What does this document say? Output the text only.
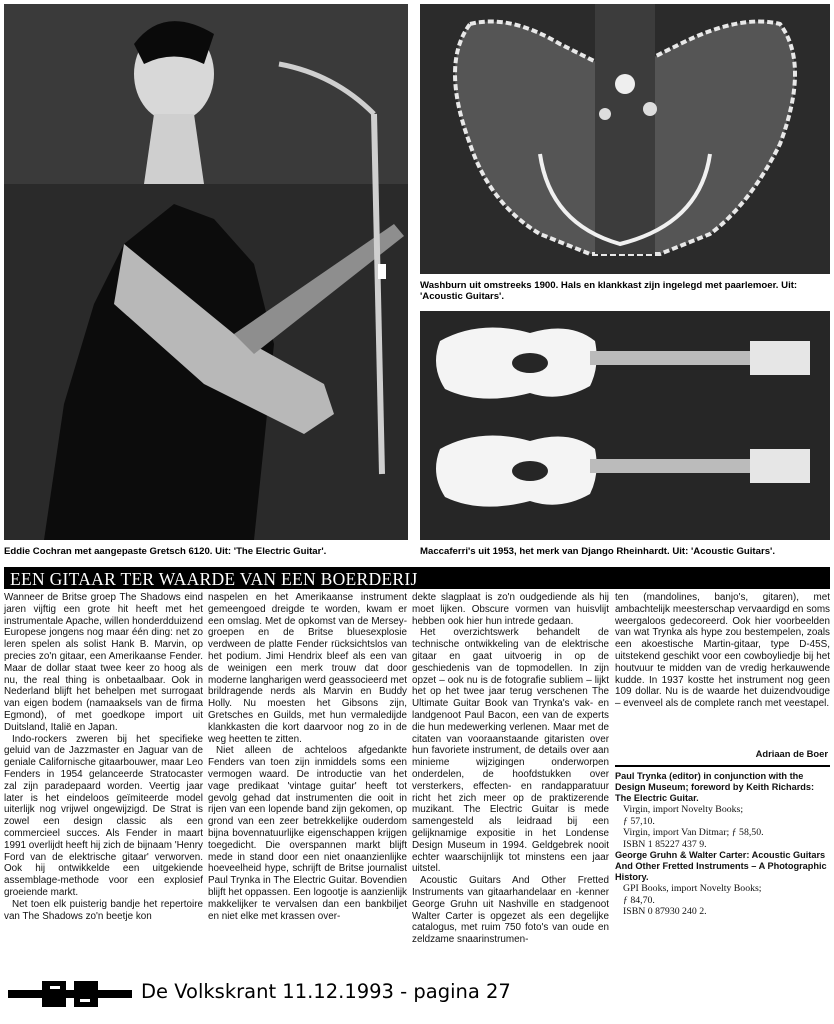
Washburn uit omstreeks 1900. Hals en klankkast zijn ingelegd met paarlemoer. Uit: 'Acoustic Guitars'.
Eddie Cochran met aangepaste Gretsch 6120. Uit: 'The Electric Guitar'.	Maccaferri's uit 1953, het merk van Django Rheinhardt. Uit: 'Acoustic Guitars'.
EEN GITAAR TER WAARDE VAN EEN BOERDERIJ

Wanneer de Britse groep The Shadows eind jaren vijftig een grote hit heeft met het instrumentale Apache, willen honderdduizend Europese jongens nog maar één ding: net zo leren spelen als solist Hank B. Marvin, op precies zo'n gitaar, een Amerikaanse Fender. Maar de dollar staat twee keer zo hoog als nu, the real thing is onbetaalbaar. Ook in Nederland blijft het behelpen met surrogaat van eigen bodem (namaaksels van de firma Egmond), of met goedkope import uit Duitsland, Italië en Japan.

Indo-rockers zweren bij het specifieke geluid van de Jazzmaster en Jaguar van de geniale Californische gitaarbouwer, maar Leo Fenders in 1954 gelanceerde Stratocaster zal zijn paradepaard worden. Veertig jaar later is het eindeloos geïmiteerde model uiterlijk nog vrijwel ongewijzigd. De Strat is zowel een design classic als een commercieel succes. Als Fender in maart 1991 overlijdt heeft hij zich de bijnaam 'Henry Ford van de elektrische gitaar' verworven. Ook hij ontwikkelde een uitgekiende assemblage-methode voor een explosief groeiende markt.

Net toen elk puisterig bandje het repertoire van The Shadows zo'n beetje kon

naspelen en het Amerikaanse instrument gemeengoed dreigde te worden, kwam er een omslag. Met de opkomst van de Mersey-groepen en de Britse bluesexplosie verdween de platte Fender rücksichtslos van het podium. Jimi Hendrix bleef als een van de weinigen een merk trouw dat door moderne langharigen werd geassocieerd met brildragende nerds als Marvin en Buddy Holly. Nu moesten het Gibsons zijn, Gretsches en Guilds, met hun vermaledijde klankkasten die kort daarvoor nog zo in de weg heetten te zitten.

Niet alleen de achteloos afgedankte Fenders van toen zijn inmiddels soms een vermogen waard. De introductie van het vage predikaat 'vintage guitar' heeft tot gevolg gehad dat instrumenten die ooit in rijen van een lopende band zijn gekomen, op grond van een zeer betrekkelijke ouderdom bijna bovennatuurlijke eigenschappen krijgen toegedicht. Die overspannen markt blijft mede in stand door een niet onaanzienlijke hoeveelheid hype, schrijft de Britse journalist Paul Trynka in The Electric Guitar. Bovendien blijft het oppassen. Een logootje is aanzienlijk makkelijker te vervalsen dan een bankbiljet en niet elke met krassen over-

dekte slagplaat is zo'n oudgediende als hij moet lijken. Obscure vormen van huisvlijt hebben ook hier hun intrede gedaan.

Het overzichtswerk behandelt de technische ontwikkeling van de elektrische gitaar en gaat uitvoerig in op de geschiedenis van de topmodellen. In zijn opzet – ook nu is de fotografie subliem – lijkt het op het twee jaar terug verschenen The Ultimate Guitar Book van Trynka's vak- en landgenoot Paul Bacon, een van de experts die hun medewerking verlenen. Maar met de citaten van vooraanstaande gitaristen over hun favoriete instrument, de details over aan minieme wijzigingen onderworpen onderdelen, de hoofdstukken over versterkers, effecten- en randapparatuur richt het zich meer op de praktizerende muzikant. The Electric Guitar is mede samengesteld als leidraad bij een gelijknamige expositie in het Londense Design Museum in 1994. Geldgebrek nooit echter waarschijnlijk tot minstens een jaar uitstel.

Acoustic Guitars And Other Fretted Instruments van gitaarhandelaar en -kenner George Gruhn uit Nashville en stadgenoot Walter Carter is opgezet als een degelijke catalogus, met ruim 750 foto's van oude en zeldzame snaarinstrumen-

ten (mandolines, banjo's, gitaren), met ambachtelijk meesterschap vervaardigd en soms weergaloos gedecoreerd. Ook hier voorbeelden van wat Trynka als hype zou bestempelen, zoals een akoestische Martin-gitaar, type D-45S, uitstekend geschikt voor een cowboyliedje bij het houtvuur te midden van de vredig herkauwende kudde. In 1937 kostte het instrument nog geen 109 dollar. Nu is de waarde het duizendvoudige – evenveel als de complete ranch met veestapel.

Adriaan de Boer
Paul Trynka (editor) in conjunction with the Design Museum; foreword by Keith Richards: The Electric Guitar.
Virgin, import Novelty Books;
ƒ 57,10.
Virgin, import Van Ditmar; ƒ 58,50.
ISBN 1 85227 437 9.
George Gruhn & Walter Carter: Acoustic Guitars And Other Fretted Instruments – A Photographic History.
GPI Books, import Novelty Books;
ƒ 84,70.
ISBN 0 87930 240 2.
De Volkskrant 11.12.1993 - pagina 27
